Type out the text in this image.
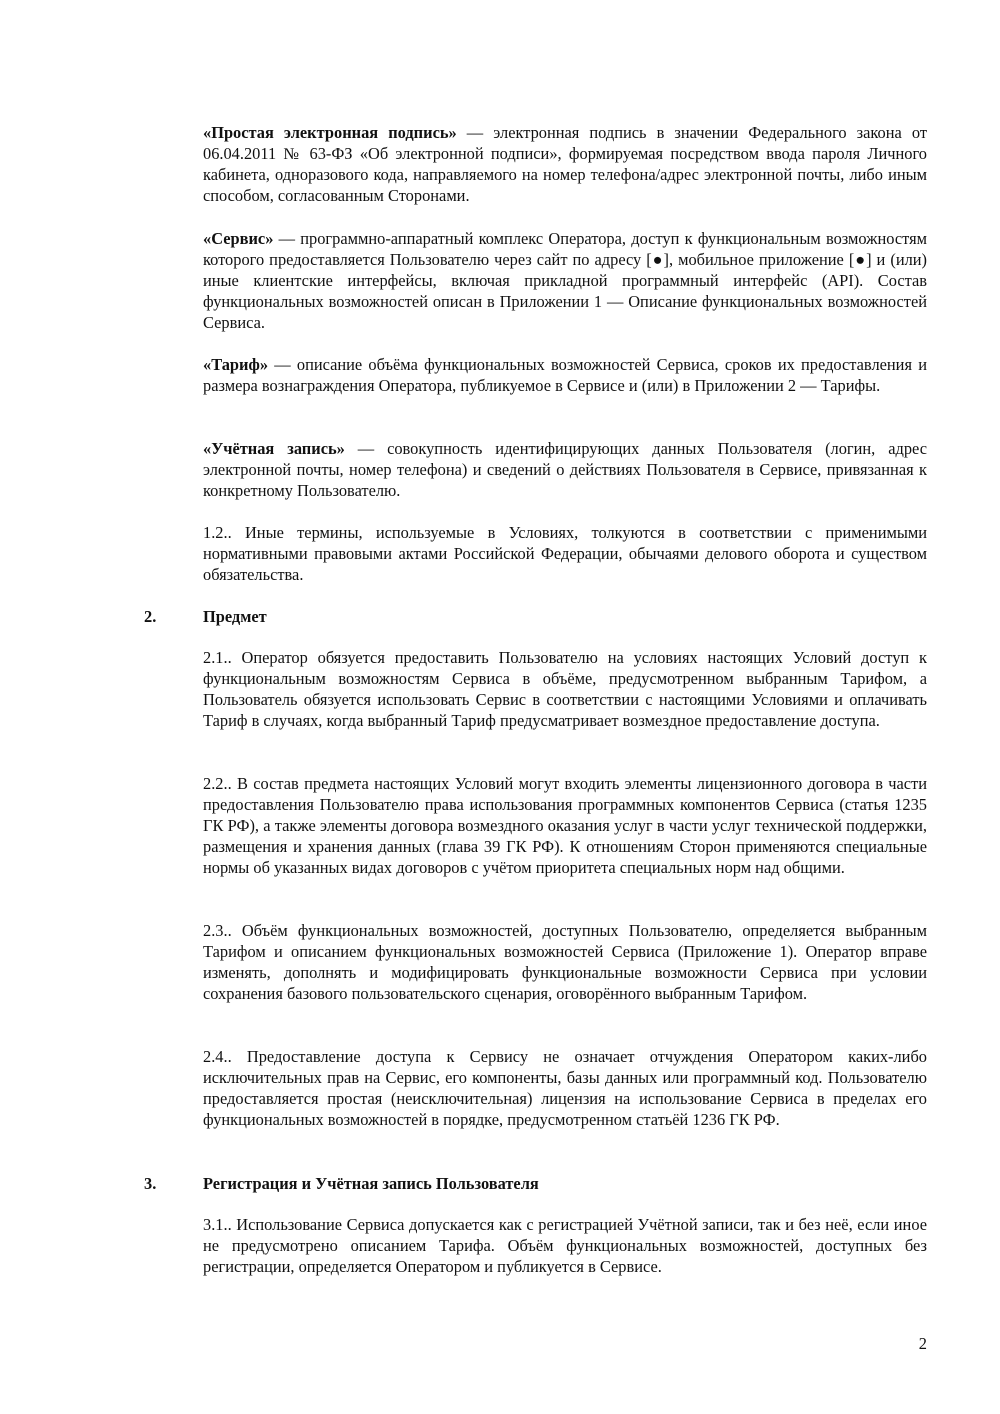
«Простая электронная подпись» — электронная подпись в значении Федерального закона от 06.04.2011 № 63-ФЗ «Об электронной подписи», формируемая посредством ввода пароля Личного кабинета, одноразового кода, направляемого на номер телефона/адрес электронной почты, либо иным способом, согласованным Сторонами.

«Сервис» — программно-аппаратный комплекс Оператора, доступ к функциональным возможностям которого предоставляется Пользователю через сайт по адресу [●], мобильное приложение [●] и (или) иные клиентские интерфейсы, включая прикладной программный интерфейс (API). Состав функциональных возможностей описан в Приложении 1 — Описание функциональных возможностей Сервиса.

«Тариф» — описание объёма функциональных возможностей Сервиса, сроков их предоставления и размера вознаграждения Оператора, публикуемое в Сервисе и (или) в Приложении 2 — Тарифы.

«Учётная запись» — совокупность идентифицирующих данных Пользователя (логин, адрес электронной почты, номер телефона) и сведений о действиях Пользователя в Сервисе, привязанная к конкретному Пользователю.

1.2.. Иные термины, используемые в Условиях, толкуются в соответствии с применимыми нормативными правовыми актами Российской Федерации, обычаями делового оборота и существом обязательства.

2.	Предмет

2.1.. Оператор обязуется предоставить Пользователю на условиях настоящих Условий доступ к функциональным возможностям Сервиса в объёме, предусмотренном выбранным Тарифом, а Пользователь обязуется использовать Сервис в соответствии с настоящими Условиями и оплачивать Тариф в случаях, когда выбранный Тариф предусматривает возмездное предоставление доступа.

2.2.. В состав предмета настоящих Условий могут входить элементы лицензионного договора в части предоставления Пользователю права использования программных компонентов Сервиса (статья 1235 ГК РФ), а также элементы договора возмездного оказания услуг в части услуг технической поддержки, размещения и хранения данных (глава 39 ГК РФ). К отношениям Сторон применяются специальные нормы об указанных видах договоров с учётом приоритета специальных норм над общими.

2.3.. Объём функциональных возможностей, доступных Пользователю, определяется выбранным Тарифом и описанием функциональных возможностей Сервиса (Приложение 1). Оператор вправе изменять, дополнять и модифицировать функциональные возможности Сервиса при условии сохранения базового пользовательского сценария, оговорённого выбранным Тарифом.

2.4.. Предоставление доступа к Сервису не означает отчуждения Оператором каких-либо исключительных прав на Сервис, его компоненты, базы данных или программный код. Пользователю предоставляется простая (неисключительная) лицензия на использование Сервиса в пределах его функциональных возможностей в порядке, предусмотренном статьёй 1236 ГК РФ.

3.	Регистрация и Учётная запись Пользователя

3.1.. Использование Сервиса допускается как с регистрацией Учётной записи, так и без неё, если иное не предусмотрено описанием Тарифа. Объём функциональных возможностей, доступных без регистрации, определяется Оператором и публикуется в Сервисе.

2
